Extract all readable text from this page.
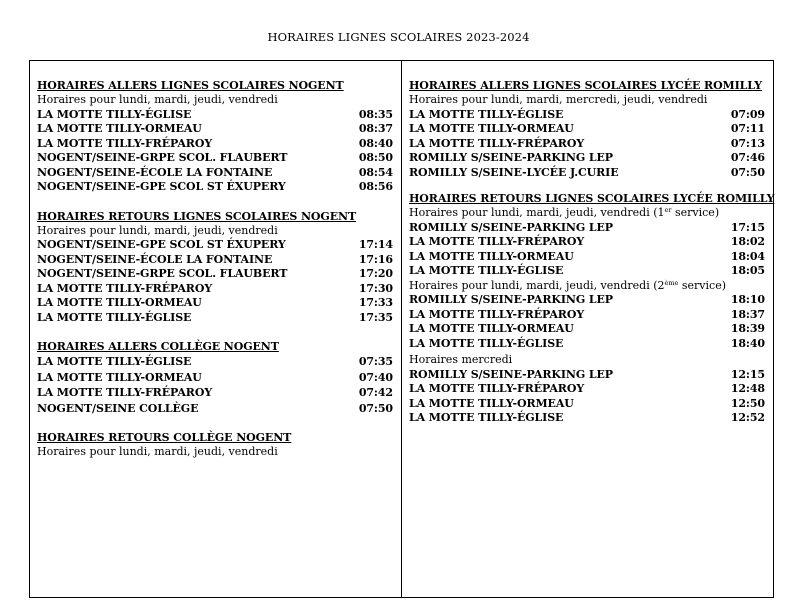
HORAIRES LIGNES SCOLAIRES 2023-2024
HORAIRES ALLERS LIGNES SCOLAIRES NOGENT
Horaires pour lundi, mardi, jeudi, vendredi
LA MOTTE TILLY-ÉGLISE	08:35
LA MOTTE TILLY-ORMEAU	08:37
LA MOTTE TILLY-FRÉPAROY	08:40
NOGENT/SEINE-GRPE SCOL. FLAUBERT	08:50
NOGENT/SEINE-ÉCOLE LA FONTAINE	08:54
NOGENT/SEINE-GPE SCOL ST ÉXUPERY	08:56
HORAIRES RETOURS LIGNES SCOLAIRES NOGENT
Horaires pour lundi, mardi, jeudi, vendredi
NOGENT/SEINE-GPE SCOL ST ÉXUPERY	17:14
NOGENT/SEINE-ÉCOLE LA FONTAINE	17:16
NOGENT/SEINE-GRPE SCOL. FLAUBERT	17:20
LA MOTTE TILLY-FRÉPAROY	17:30
LA MOTTE TILLY-ORMEAU	17:33
LA MOTTE TILLY-ÉGLISE	17:35
HORAIRES ALLERS COLLÈGE NOGENT
LA MOTTE TILLY-ÉGLISE	07:35
LA MOTTE TILLY-ORMEAU	07:40
LA MOTTE TILLY-FRÉPAROY	07:42
NOGENT/SEINE COLLÈGE	07:50
HORAIRES RETOURS COLLÈGE NOGENT
Horaires pour lundi, mardi, jeudi, vendredi
HORAIRES ALLERS LIGNES SCOLAIRES LYCÉE ROMILLY
Horaires pour lundi, mardi, mercredi, jeudi, vendredi
LA MOTTE TILLY-ÉGLISE	07:09
LA MOTTE TILLY-ORMEAU	07:11
LA MOTTE TILLY-FRÉPAROY	07:13
ROMILLY S/SEINE-PARKING LEP	07:46
ROMILLY S/SEINE-LYCÉE J.CURIE	07:50
HORAIRES RETOURS LIGNES SCOLAIRES LYCÉE ROMILLY
Horaires pour lundi, mardi, jeudi, vendredi (1er service)
ROMILLY S/SEINE-PARKING LEP	17:15
LA MOTTE TILLY-FRÉPAROY	18:02
LA MOTTE TILLY-ORMEAU	18:04
LA MOTTE TILLY-ÉGLISE	18:05
Horaires pour lundi, mardi, jeudi, vendredi (2ème service)
ROMILLY S/SEINE-PARKING LEP	18:10
LA MOTTE TILLY-FRÉPAROY	18:37
LA MOTTE TILLY-ORMEAU	18:39
LA MOTTE TILLY-ÉGLISE	18:40
Horaires mercredi
ROMILLY S/SEINE-PARKING LEP	12:15
LA MOTTE TILLY-FRÉPAROY	12:48
LA MOTTE TILLY-ORMEAU	12:50
LA MOTTE TILLY-ÉGLISE	12:52
